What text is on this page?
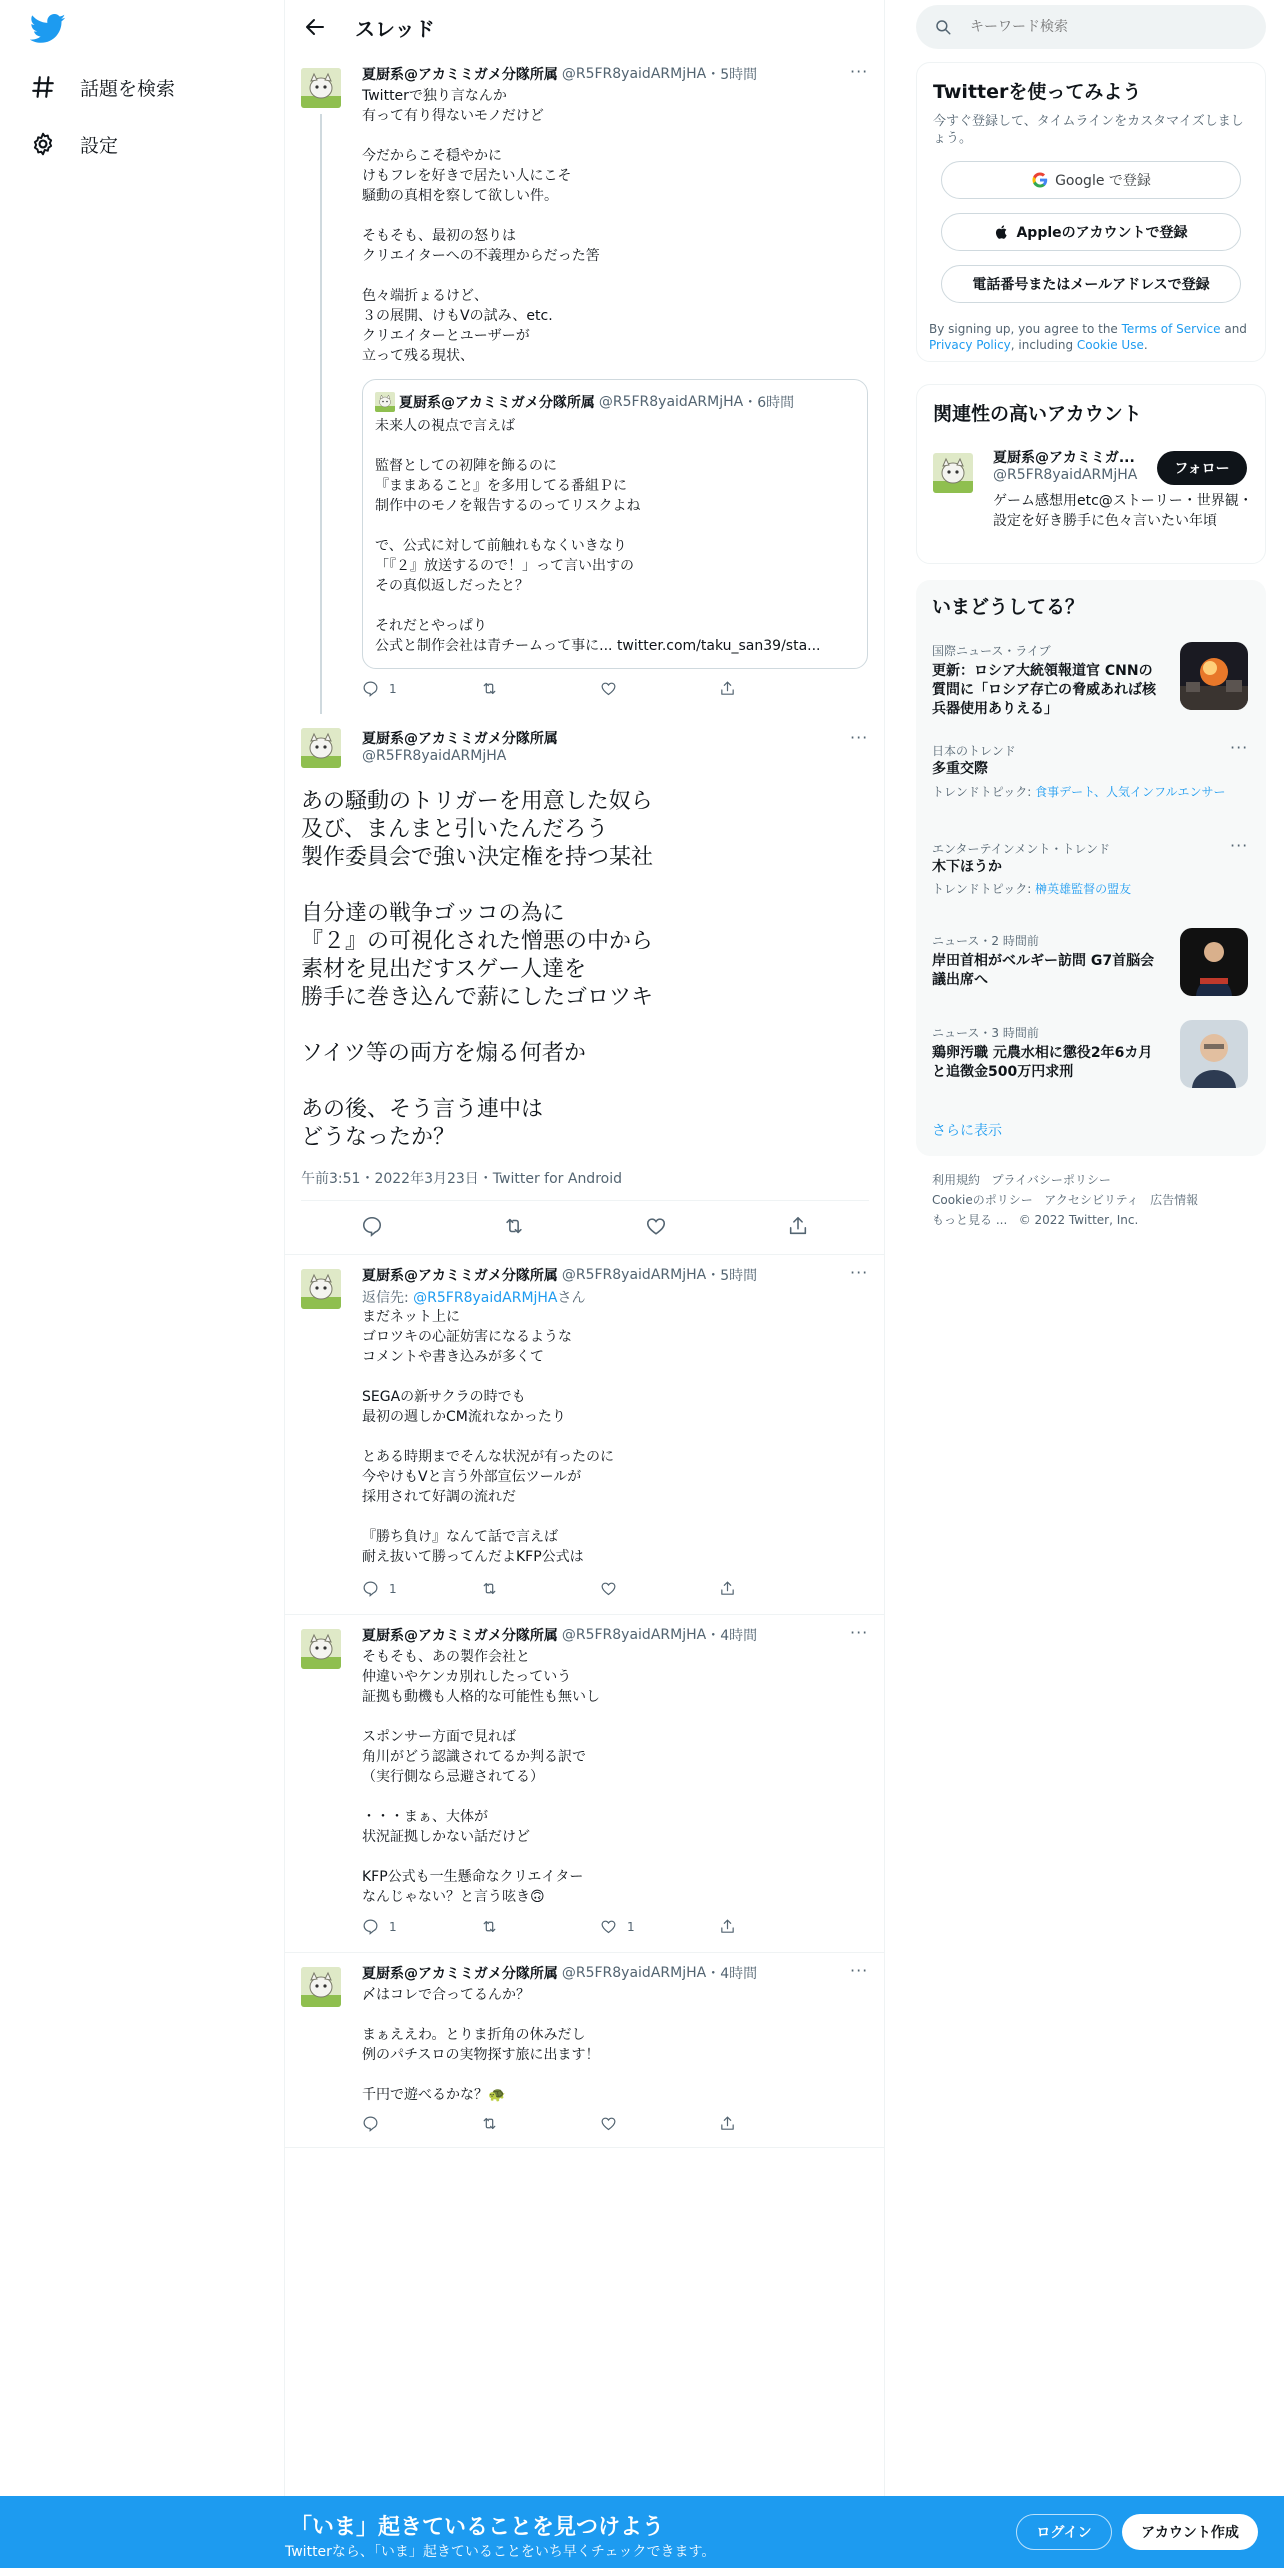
話題を検索
設定
スレッド
夏厨系@アカミミガメ分隊所属 @R5FR8yaidARMjHA ・5時間	···
Twitterで独り言なんか
有って有り得ないモノだけど

今だからこそ穏やかに
けもフレを好きで居たい人にこそ
騒動の真相を察して欲しい件。

そもそも、最初の怒りは
クリエイターへの不義理からだった筈

色々端折ょるけど、
３の展開、けもVの試み、etc.
クリエイターとユーザーが
立って残る現状、
夏厨系@アカミミガメ分隊所属 @R5FR8yaidARMjHA ・6時間
未来人の視点で言えば

監督としての初陣を飾るのに
『ままあること』を多用してる番組Ｐに
制作中のモノを報告するのってリスクよね

で、公式に対して前触れもなくいきなり
「『２』放送するので！」って言い出すの
その真似返しだったと？

それだとやっぱり
公式と制作会社は青チームって事に... twitter.com/taku_san39/sta...
1
夏厨系@アカミミガメ分隊所属
@R5FR8yaidARMjHA
···
あの騒動のトリガーを用意した奴ら
及び、まんまと引いたんだろう
製作委員会で強い決定権を持つ某社

自分達の戦争ゴッコの為に
『２』の可視化された憎悪の中から
素材を見出だすスゲー人達を
勝手に巻き込んで薪にしたゴロツキ

ソイツ等の両方を煽る何者か

あの後、そう言う連中は
どうなったか？
午前3:51・2022年3月23日・Twitter for Android
夏厨系@アカミミガメ分隊所属 @R5FR8yaidARMjHA ・5時間	···
返信先: @R5FR8yaidARMjHAさん
まだネット上に
ゴロツキの心証妨害になるような
コメントや書き込みが多くて

SEGAの新サクラの時でも
最初の週しかCM流れなかったり

とある時期までそんな状況が有ったのに
今やけもVと言う外部宣伝ツールが
採用されて好調の流れだ

『勝ち負け』なんて話で言えば
耐え抜いて勝ってんだよKFP公式は
1
夏厨系@アカミミガメ分隊所属 @R5FR8yaidARMjHA ・4時間	···
そもそも、あの製作会社と
仲違いやケンカ別れしたっていう
証拠も動機も人格的な可能性も無いし

スポンサー方面で見れば
角川がどう認識されてるか判る訳で
（実行側なら忌避されてる）

・・・まぁ、大体が
状況証拠しかない話だけど

KFP公式も一生懸命なクリエイター
なんじゃない？と言う呟き🙃
1	1
夏厨系@アカミミガメ分隊所属 @R5FR8yaidARMjHA ・4時間	···
〆はコレで合ってるんか？

まぁええわ。とりま折角の休みだし
例のパチスロの実物探す旅に出ます！

千円で遊べるかな？🐢
キーワード検索
Twitterを使ってみよう
今すぐ登録して、タイムラインをカスタマイズしましょう。
Google で登録
Appleのアカウントで登録
電話番号またはメールアドレスで登録
By signing up, you agree to the Terms of Service and Privacy Policy, including Cookie Use.
関連性の高いアカウント
夏厨系@アカミミガ...
@R5FR8yaidARMjHA	フォロー
ゲーム感想用etc@ストーリー・世界観・設定を好き勝手に色々言いたい年頃
いまどうしてる？
国際ニュース・ライブ
更新：ロシア大統領報道官 CNNの質問に「ロシア存亡の脅威あれば核兵器使用ありえる」
日本のトレンド	···
多重交際
トレンドトピック: 食事デート、人気インフルエンサー
エンターテインメント・トレンド	···
木下ほうか
トレンドトピック: 榊英雄監督の盟友
ニュース・2 時間前
岸田首相がベルギー訪問 G7首脳会議出席へ
ニュース・3 時間前
鶏卵汚職 元農水相に懲役2年6カ月と追徴金500万円求刑
さらに表示
利用規約 プライバシーポリシー
Cookieのポリシー アクセシビリティ 広告情報
もっと見る ... © 2022 Twitter, Inc.
「いま」起きていることを見つけよう
Twitterなら、「いま」起きていることをいち早くチェックできます。
ログイン	アカウント作成
